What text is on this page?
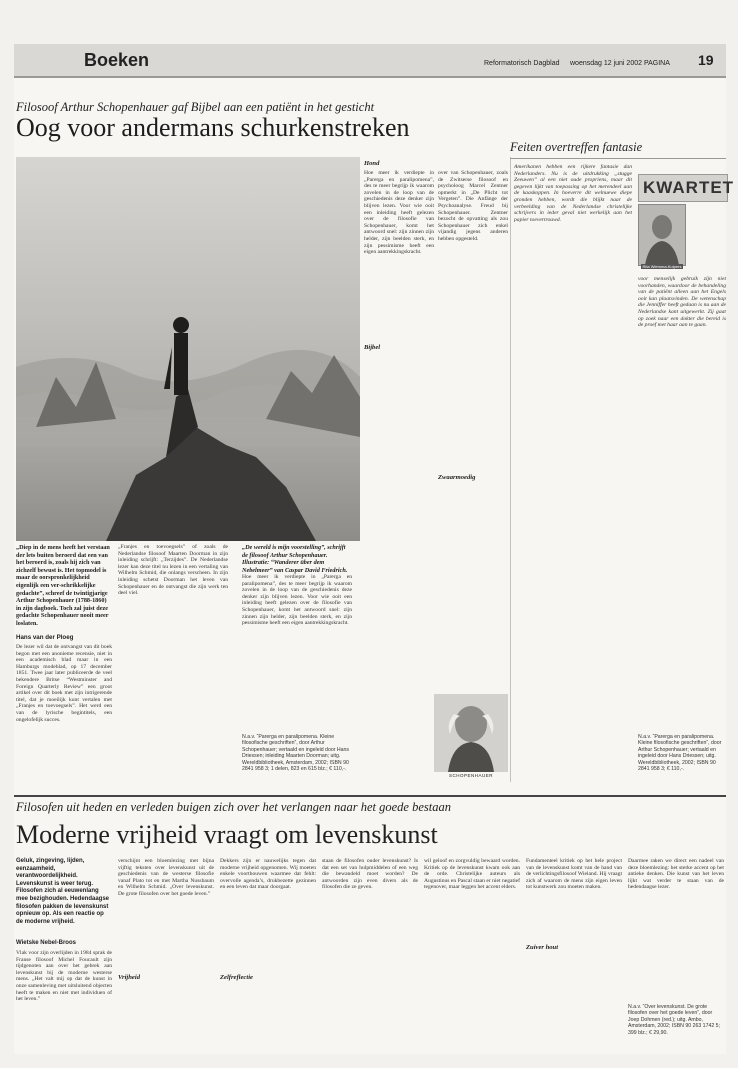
Boeken	Reformatorisch Dagblad woensdag 12 juni 2002 PAGINA 19
Filosoof Arthur Schopenhauer gaf Bijbel aan een patiënt in het gesticht
Oog voor andermans schurkenstreken
„Diep in de mens heeft het verstaan der lets buiten beroerd dat een van het beroerd is, zoals hij zich van zichzelf bewust is. Het topmodel is maar de oorspronkelijkheid eigenlijk een ver-schrikkelijke gedachte”, schreef de twintigjarige Arthur Schopenhauer (1788-1860) in zijn dagboek. Toch zal juist deze gedachte Schopenhauer nooit meer loslaten.
Hans van der Ploeg
De lezer wil dat de ontvangst van dit boek begon met een anonieme recensie, niet in een academisch blad maar in een Hamburgs modeblad, op 17 december 1851. Twee jaar later publiceerde de veel bekendere Britse “Westminster and Foreign Quarterly Review” een groot artikel over dit boek met zijn intrigerende titel, dat je moeilijk kunt vertalen met „Franjes en toevoegsels”. Het werd een van de lyrische begintitels, een ongelofelijk succes.
„Franjes en toevoegsels” of zoals de Nederlandse filosoof Maarten Doorman in zijn inleiding schrijft: „Terzijdes”. De Nederlandse lezer kan deze titel nu lezen in een vertaling van Wilhelm Schmid, die onlangs verscheen. In zijn inleiding schetst Doorman het leven van Schopenhauer en de ontvangst die zijn werk ten deel viel.
„De wereld is mijn voorstelling”, schrijft de filosoof Arthur Schopenhauer. Illustratie: “Wanderer über dem Nebelmeer” van Caspar David Friedrich.
Hoe meer ik verdiepte in „Parerga en paralipomena”, des te meer begrijp ik waarom zovelen in de loop van de geschiedenis deze denker zijn blijven lezen. Voor wie ooit een inleiding heeft gelezen over de filosofie van Schopenhauer, komt het antwoord snel: zijn zinnen zijn helder, zijn beelden sterk, en zijn pessimisme heeft een eigen aantrekkingskracht.
Hond
Hoe meer ik verdiepte in „Parerga en paralipomena”, des te meer begrijp ik waarom zovelen in de loop van de geschiedenis deze denker zijn blijven lezen. Voor wie ooit een inleiding heeft gelezen over de filosofie van Schopenhauer, komt het antwoord snel: zijn zinnen zijn helder, zijn beelden sterk, en zijn pessimisme heeft een eigen aantrekkingskracht.
Bijbel
over van Schopenhauer, zoals de Zwitserse filosoof en psycholoog Marcel Zentner opmerkt in „De Plicht tot Vergeten”. Die Anfänge der Psychoanalyse. Freud bij Schopenhauer. Zentner bezocht de opvatting als zou Schopenhauer zich enkel vijandig jegens anderen hebben opgesteld.
Zwaarmoedig
SCHOPENHAUER
Feiten overtreffen fantasie
Amerikanen hebben een rijkere fantasie dan Nederlanders. Nu is de uitdrukking „stugge Zeeuwen” al een niet oude propriens, maar dit gegeven lijkt van toepassing op het merendeel aan de kaaskoppen. In hoeverre dit welnuewe diepe gronden hebben, wordt die blijkt naar de verbeelding van de Nederlandse christelijke schrijvers in ieder geval niet werkelijk aan het papier toevertrouwd.
KWARTET
Rita Wiersma-Kuipers
voor menselijk gebruik zijn niet voorhanden, waardoor de behandeling van de patiënt alleen aan het Engels ooit kan plaatsvinden. De wetenschap die Jenniffer heeft gedaan is nu aan de Nederlandse kant uitgewerkt. Zij gaat op zoek naar een dokter die bereid is de proef met haar aan te gaan.
N.a.v. “Parerga en paralipomena. Kleine filosofische geschriften”, door Arthur Schopenhauer; vertaald en ingeleid door Hans Driessen; inleiding Maarten Doorman; uitg. Wereldbibliotheek, Amsterdam, 2002; ISBN 90 2841 958 3; 1 delen, 823 en 615 blz.; € 110,-.
N.a.v. “Parerga en paralipomena. Kleine filosofische geschriften”, door Arthur Schopenhauer; vertaald en ingeleid door Hans Driessen; uitg. Wereldbibliotheek, 2002; ISBN 90 2841 958 3; € 110,-.
Filosofen uit heden en verleden buigen zich over het verlangen naar het goede bestaan
Moderne vrijheid vraagt om levenskunst
Geluk, zingeving, lijden, eenzaamheid, verantwoordelijkheid. Levenskunst is weer terug. Filosofen zich al eeuwenlang mee bezighouden. Hedendaagse filosofen pakken de levenskunst opnieuw op. Als een reactie op de moderne vrijheid.
Wietske Nebel-Broos
Vlak voor zijn overlijden in 1984 sprak de Franse filosoof Michel Foucault zijn tijdgenoten aan over het gebrek aan levenskunst bij de moderne westerse mens. „Het valt mij op dat de kunst in onze samenleving met uitsluitend objecten heeft te maken en niet met individuen of het leven.”
verschijnt een bloemlezing met bijna vijftig teksten over levenskunst uit de geschiedenis van de westerse filosofie vanaf Plato tot en met Martha Nussbaum en Wilhelm Schmid. „Over levenskunst. De grote filosofen over het goede leven.”
Vrijheid
Dekkers zijn er nauwelijks tegen dat moderne vrijheid opgenomen. Wij moeten enkele voortbouwen waarmee dat fehlt: overvolle agenda’s, drukbezette gezinnen en een leven dat maar doorgaat.
Zelfreflectie
staan de filosofen ouder levenskunst? Is dat een set van hulpmiddelen of een weg die bewandeld moet worden? De antwoorden zijn even divers als de filosofen die ze geven.
wil geloof en zorgvuldig bewaard worden. Kritiek op de levenskunst kwam ook aan de orde. Christelijke auteurs als Augustinus en Pascal staan er niet negatief tegenover, maar leggen het accent elders.
Fundamenteel kritiek op het hele project van de levenskunst komt van de hand van de verlichtingsfilosoof Wieland. Hij vraagt zich af waarom de mens zijn eigen leven tot kunstwerk zou moeten maken.
Zuiver hout
Daarmee raken we direct een nadeel van deze bloemlezing: het sterke accent op het antieke denken. Die kunst van het leven lijkt wat verder te staan van de hedendaagse lezer.
N.a.v. “Over levenskunst. De grote filosofen over het goede leven”, door Joep Dohmen (red.); uitg. Ambo, Amsterdam, 2002; ISBN 90 263 1742 5; 399 blz.; € 29,90.
